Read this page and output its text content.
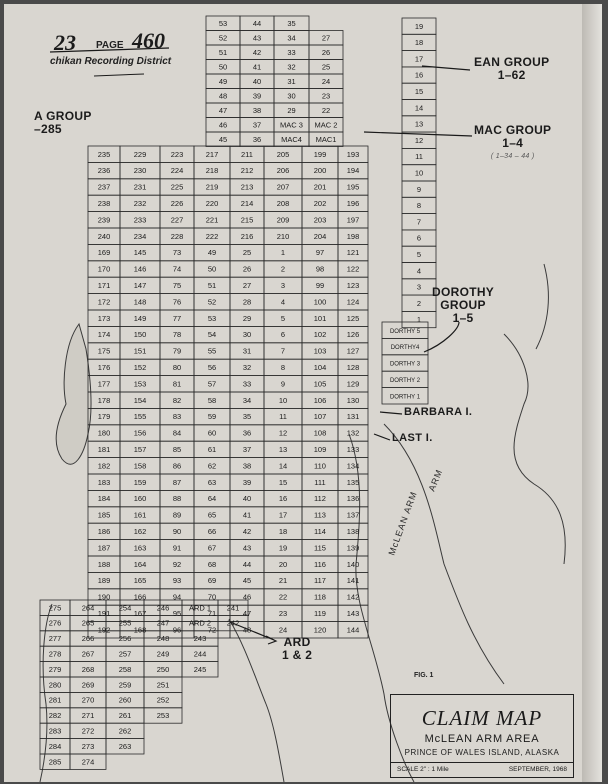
53
52
51
50
49
48
47
46
45
44
43
42
41
40
39
38
37
36
35
34
33
32
31
30
29
MAC 3
MAC4
27
26
25
24
23
22
MAC 2
MAC1
19
18
17
16
15
14
13
12
11
10
9
8
7
6
5
4
3
2
1
235
236
237
238
239
240
169
170
171
172
173
174
175
176
177
178
179
180
181
182
183
184
185
186
187
188
189
190
191
192
229
230
231
232
233
234
145
146
147
148
149
150
151
152
153
154
155
156
157
158
159
160
161
162
163
164
165
166
167
168
223
224
225
226
227
228
73
74
75
76
77
78
79
80
81
82
83
84
85
86
87
88
89
90
91
92
93
94
95
96
217
218
219
220
221
222
49
50
51
52
53
54
55
56
57
58
59
60
61
62
63
64
65
66
67
68
69
70
71
72
211
212
213
214
215
216
25
26
27
28
29
30
31
32
33
34
35
36
37
38
39
40
41
42
43
44
45
46
47
48
205
206
207
208
209
210
1
2
3
4
5
6
7
8
9
10
11
12
13
14
15
16
17
18
19
20
21
22
23
24
199
200
201
202
203
204
97
98
99
100
101
102
103
104
105
106
107
108
109
110
111
112
113
114
115
116
117
118
119
120
193
194
195
196
197
198
121
122
123
124
125
126
127
128
129
130
131
132
133
134
135
136
137
138
139
140
141
142
143
144
DORTHY 5
DORTHY4
DORTHY 3
DORTHY 2
DORTHY 1
275
276
277
278
279
280
281
282
283
284
285
264
265
266
267
268
269
270
271
272
273
274
254
255
256
257
258
259
260
261
262
263
246
247
248
249
250
251
252
253
ARD 1
ARD 2
243
244
245
241
242
McLEAN ARM
ARM
23 PAGE 460
chikan Recording District	EAN GROUP
1–62
MAC GROUP
1–4
( 1–34 – 44 )
A GROUP
–285
DOROTHY
GROUP
1–5
ARD
1 & 2
BARBARA I.
LAST I.
FIG. 1
CLAIM MAP
McLEAN ARM AREA
PRINCE OF WALES ISLAND, ALASKA
SCALE 2" : 1 Mile	SEPTEMBER, 1968
